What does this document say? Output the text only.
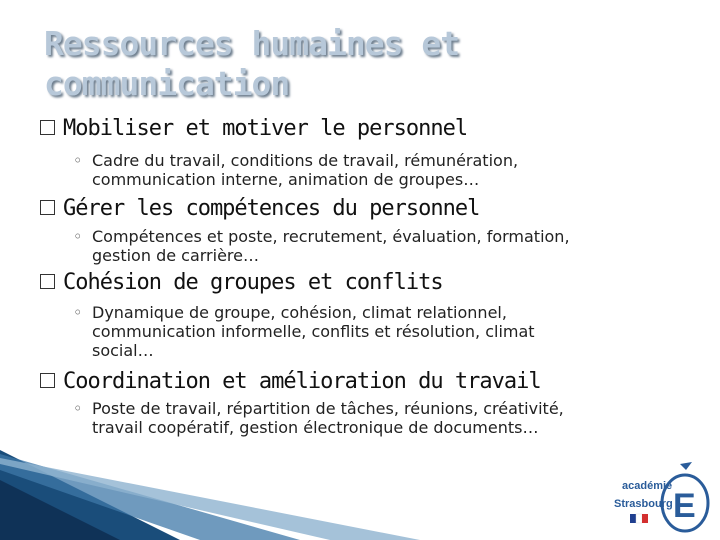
Ressources humaines et
communication
Mobiliser et motiver le personnel
◦ Cadre du travail, conditions de travail, rémunération,
communication interne, animation de groupes…
Gérer les compétences du personnel
◦ Compétences et poste, recrutement, évaluation, formation,
gestion de carrière…
Cohésion de groupes et conflits
◦ Dynamique de groupe, cohésion, climat relationnel,
communication informelle, conflits et résolution, climat
social…
Coordination et amélioration du travail
◦ Poste de travail, répartition de tâches, réunions, créativité,
travail coopératif, gestion électronique de documents…
académie
Strasbourg E
